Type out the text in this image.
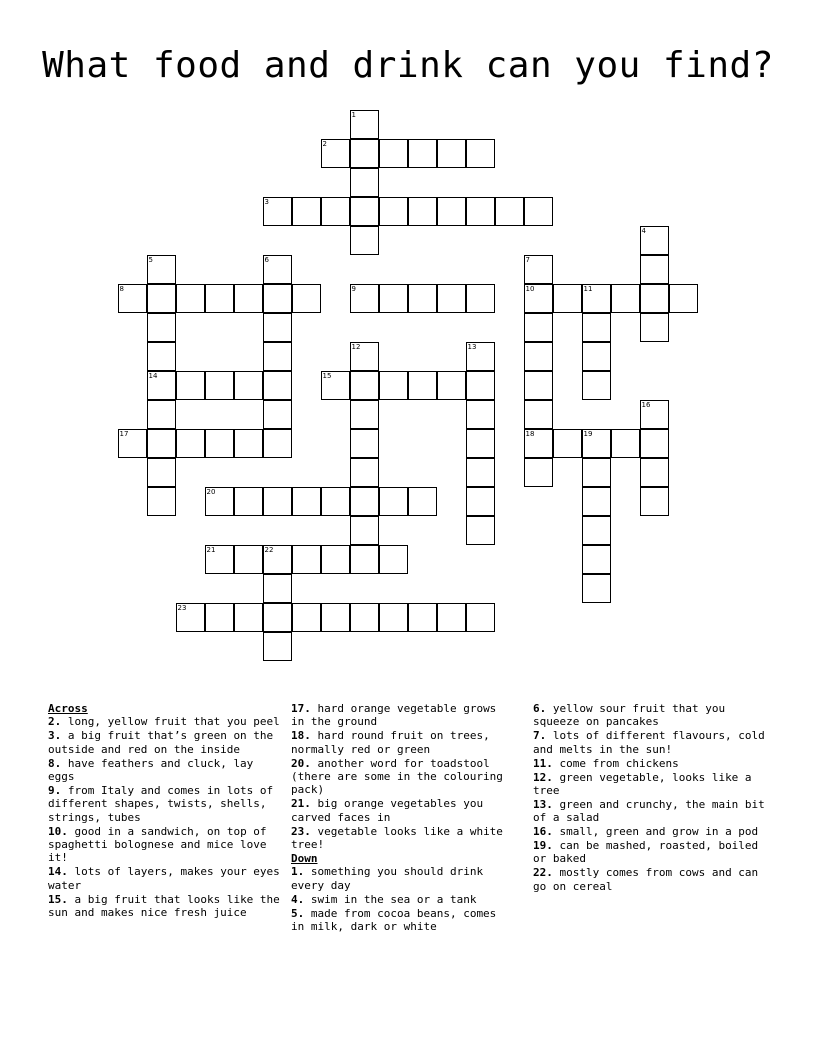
What food and drink can you find?
1
2
3
4
5
14
6	7
10
18
8	9	11
12	13
15
16
17	19
20
21	22
23
Across
2. long, yellow fruit that you peel
3. a big fruit that’s green on the outside and red on the inside
8. have feathers and cluck, lay eggs
9. from Italy and comes in lots of different shapes, twists, shells, strings, tubes
10. good in a sandwich, on top of spaghetti bolognese and mice love it!
14. lots of layers, makes your eyes water
15. a big fruit that looks like the sun and makes nice fresh juice
17. hard orange vegetable grows in the ground
18. hard round fruit on trees, normally red or green
20. another word for toadstool (there are some in the colouring pack)
21. big orange vegetables you carved faces in
23. vegetable looks like a white tree!
Down
1. something you should drink every day
4. swim in the sea or a tank
5. made from cocoa beans, comes in milk, dark or white
6. yellow sour fruit that you squeeze on pancakes
7. lots of different flavours, cold and melts in the sun!
11. come from chickens
12. green vegetable, looks like a tree
13. green and crunchy, the main bit of a salad
16. small, green and grow in a pod
19. can be mashed, roasted, boiled or baked
22. mostly comes from cows and can go on cereal
